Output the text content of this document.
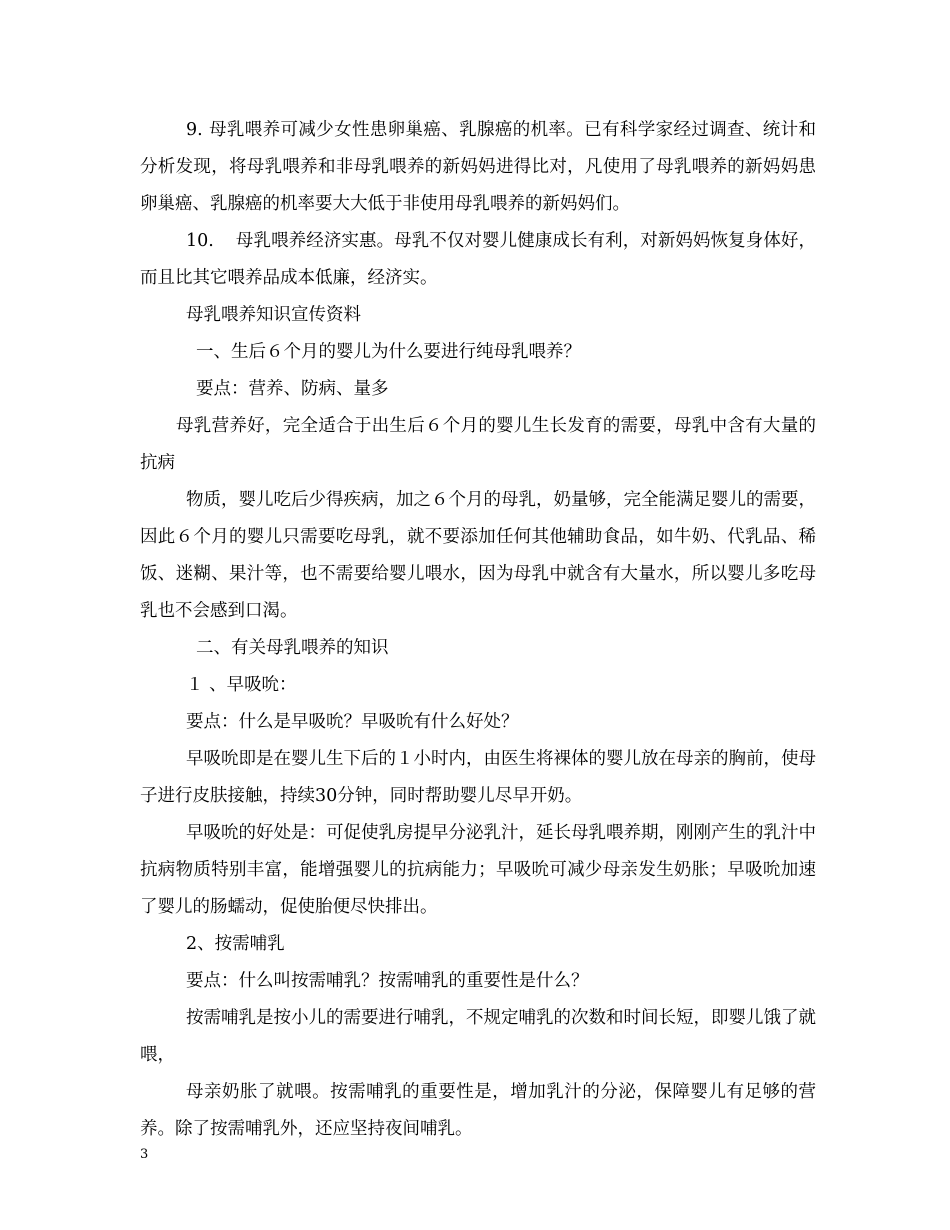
9. 母乳喂养可减少女性患卵巢癌、乳腺癌的机率。已有科学家经过调查、统计和分析发现，将母乳喂养和非母乳喂养的新妈妈进得比对，凡使用了母乳喂养的新妈妈患卵巢癌、乳腺癌的机率要大大低于非使用母乳喂养的新妈妈们。

10. 母乳喂养经济实惠。母乳不仅对婴儿健康成长有利，对新妈妈恢复身体好，而且比其它喂养品成本低廉，经济实。

母乳喂养知识宣传资料

一、生后６个月的婴儿为什么要进行纯母乳喂养？

要点：营养、防病、量多

母乳营养好，完全适合于出生后６个月的婴儿生长发育的需要，母乳中含有大量的抗病

物质，婴儿吃后少得疾病，加之６个月的母乳，奶量够，完全能满足婴儿的需要，因此６个月的婴儿只需要吃母乳，就不要添加任何其他辅助食品，如牛奶、代乳品、稀饭、迷糊、果汁等，也不需要给婴儿喂水，因为母乳中就含有大量水，所以婴儿多吃母乳也不会感到口渴。

二、有关母乳喂养的知识

１ 、早吸吮：

要点：什么是早吸吮？早吸吮有什么好处？

早吸吮即是在婴儿生下后的１小时内，由医生将裸体的婴儿放在母亲的胸前，使母子进行皮肤接触，持续30分钟，同时帮助婴儿尽早开奶。

早吸吮的好处是：可促使乳房提早分泌乳汁，延长母乳喂养期，刚刚产生的乳汁中抗病物质特别丰富，能增强婴儿的抗病能力；早吸吮可减少母亲发生奶胀；早吸吮加速了婴儿的肠蠕动，促使胎便尽快排出。

2、按需哺乳

要点：什么叫按需哺乳？按需哺乳的重要性是什么？

按需哺乳是按小儿的需要进行哺乳，不规定哺乳的次数和时间长短，即婴儿饿了就喂，

母亲奶胀了就喂。按需哺乳的重要性是，增加乳汁的分泌，保障婴儿有足够的营养。除了按需哺乳外，还应坚持夜间哺乳。

3
